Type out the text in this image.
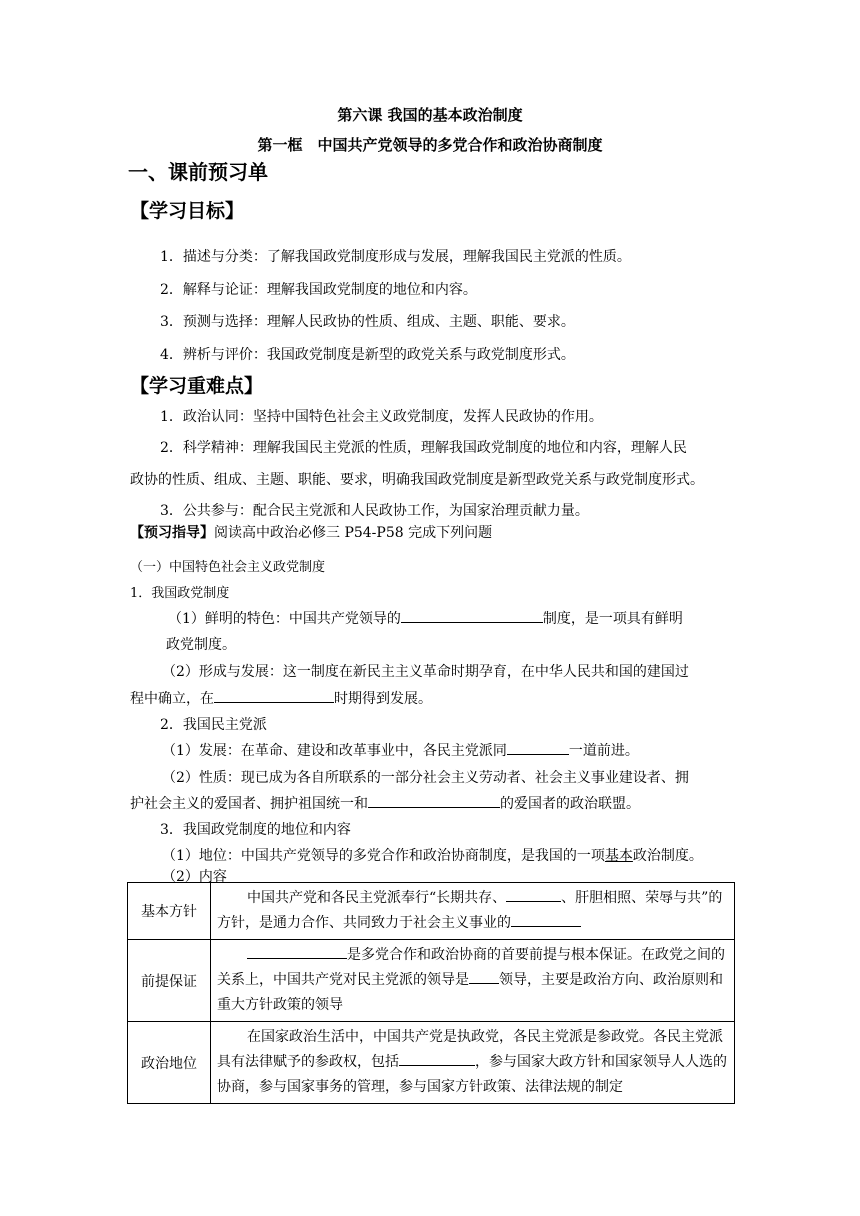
第六课 我国的基本政治制度
第一框　中国共产党领导的多党合作和政治协商制度
一、课前预习单
【学习目标】
1．描述与分类：了解我国政党制度形成与发展，理解我国民主党派的性质。
2．解释与论证：理解我国政党制度的地位和内容。
3．预测与选择：理解人民政协的性质、组成、主题、职能、要求。
4．辨析与评价：我国政党制度是新型的政党关系与政党制度形式。
【学习重难点】
1．政治认同：坚持中国特色社会主义政党制度，发挥人民政协的作用。
2．科学精神：理解我国民主党派的性质，理解我国政党制度的地位和内容，理解人民
政协的性质、组成、主题、职能、要求，明确我国政党制度是新型政党关系与政党制度形式。
3．公共参与：配合民主党派和人民政协工作，为国家治理贡献力量。
【预习指导】阅读高中政治必修三 P54-P58 完成下列问题
（一）中国特色社会主义政党制度
1．我国政党制度
（1）鲜明的特色：中国共产党领导的	制度，是一项具有鲜明
政党制度。
（2）形成与发展：这一制度在新民主主义革命时期孕育，在中华人民共和国的建国过
程中确立，在	时期得到发展。
2．我国民主党派
（1）发展：在革命、建设和改革事业中，各民主党派同	一道前进。
（2）性质：现已成为各自所联系的一部分社会主义劳动者、社会主义事业建设者、拥
护社会主义的爱国者、拥护祖国统一和	的爱国者的政治联盟。
3．我国政党制度的地位和内容
（1）地位：中国共产党领导的多党合作和政治协商制度，是我国的一项基本政治制度。
（2）内容
基本方针	中国共产党和各民主党派奉行“长期共存、 、肝胆相照、荣辱与共”的方针，是通力合作、共同致力于社会主义事业的
前提保证	是多党合作和政治协商的首要前提与根本保证。在政党之间的关系上，中国共产党对民主党派的领导是 领导，主要是政治方向、政治原则和重大方针政策的领导
政治地位	在国家政治生活中，中国共产党是执政党，各民主党派是参政党。各民主党派具有法律赋予的参政权，包括 ，参与国家大政方针和国家领导人人选的协商，参与国家事务的管理，参与国家方针政策、法律法规的制定
